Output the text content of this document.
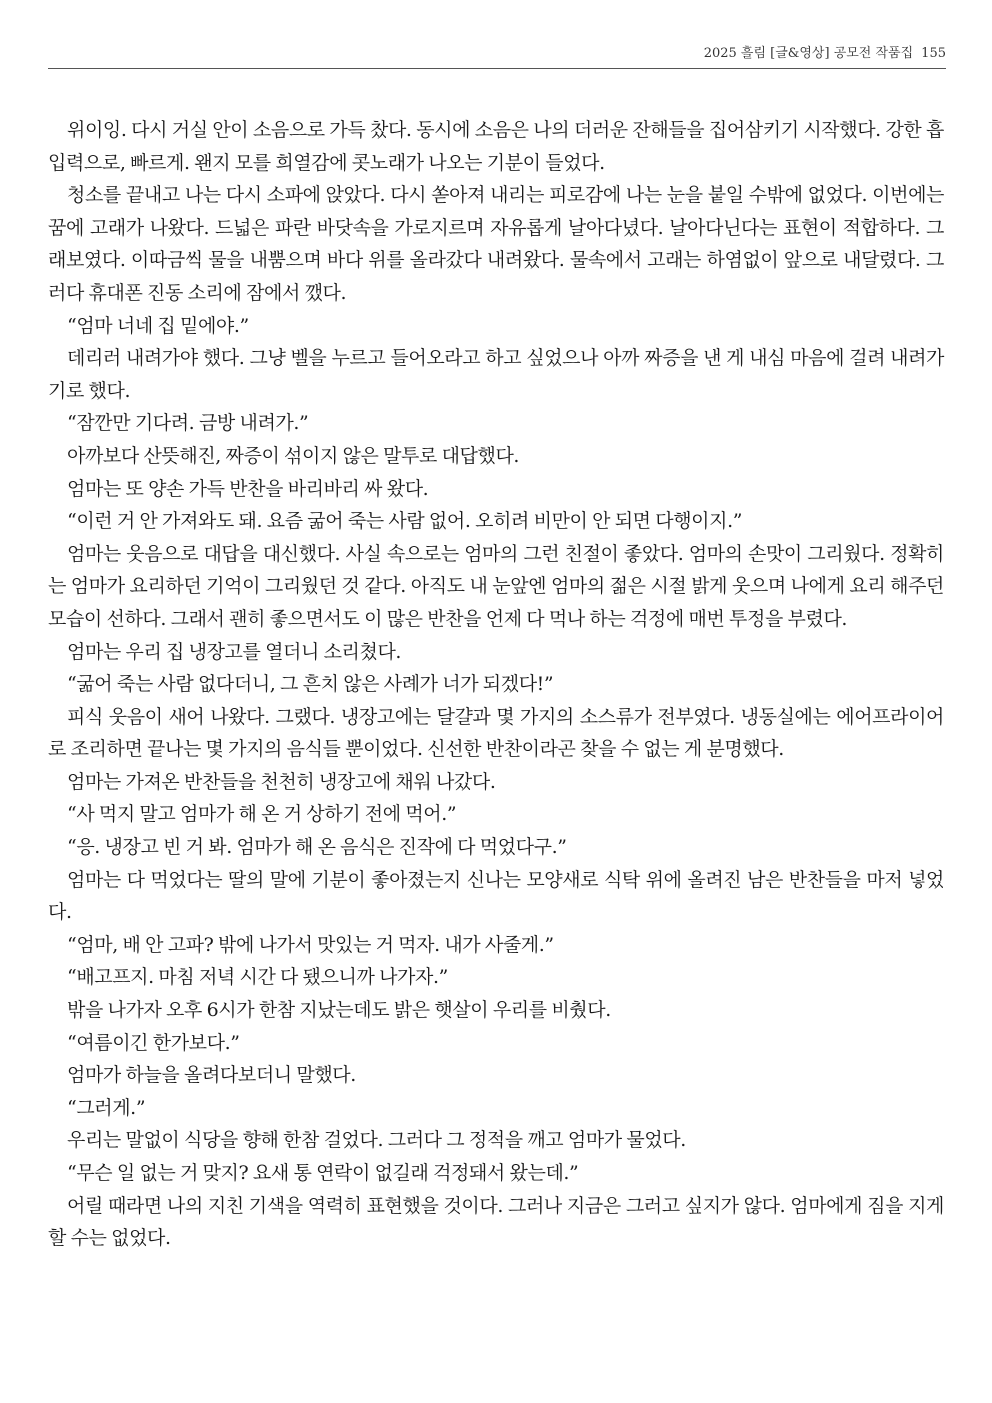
2025 흘림 [글&영상] 공모전 작품집 155

위이잉. 다시 거실 안이 소음으로 가득 찼다. 동시에 소음은 나의 더러운 잔해들을 집어삼키기 시작했다. 강한 흡입력으로, 빠르게. 왠지 모를 희열감에 콧노래가 나오는 기분이 들었다.

청소를 끝내고 나는 다시 소파에 앉았다. 다시 쏟아져 내리는 피로감에 나는 눈을 붙일 수밖에 없었다. 이번에는 꿈에 고래가 나왔다. 드넓은 파란 바닷속을 가로지르며 자유롭게 날아다녔다. 날아다닌다는 표현이 적합하다. 그래보였다. 이따금씩 물을 내뿜으며 바다 위를 올라갔다 내려왔다. 물속에서 고래는 하염없이 앞으로 내달렸다. 그러다 휴대폰 진동 소리에 잠에서 깼다.

“엄마 너네 집 밑에야.”

데리러 내려가야 했다. 그냥 벨을 누르고 들어오라고 하고 싶었으나 아까 짜증을 낸 게 내심 마음에 걸려 내려가기로 했다.

“잠깐만 기다려. 금방 내려가.”

아까보다 산뜻해진, 짜증이 섞이지 않은 말투로 대답했다.

엄마는 또 양손 가득 반찬을 바리바리 싸 왔다.

“이런 거 안 가져와도 돼. 요즘 굶어 죽는 사람 없어. 오히려 비만이 안 되면 다행이지.”

엄마는 웃음으로 대답을 대신했다. 사실 속으로는 엄마의 그런 친절이 좋았다. 엄마의 손맛이 그리웠다. 정확히는 엄마가 요리하던 기억이 그리웠던 것 같다. 아직도 내 눈앞엔 엄마의 젊은 시절 밝게 웃으며 나에게 요리 해주던 모습이 선하다. 그래서 괜히 좋으면서도 이 많은 반찬을 언제 다 먹나 하는 걱정에 매번 투정을 부렸다.

엄마는 우리 집 냉장고를 열더니 소리쳤다.

“굶어 죽는 사람 없다더니, 그 흔치 않은 사례가 너가 되겠다!”

피식 웃음이 새어 나왔다. 그랬다. 냉장고에는 달걀과 몇 가지의 소스류가 전부였다. 냉동실에는 에어프라이어로 조리하면 끝나는 몇 가지의 음식들 뿐이었다. 신선한 반찬이라곤 찾을 수 없는 게 분명했다.

엄마는 가져온 반찬들을 천천히 냉장고에 채워 나갔다.

“사 먹지 말고 엄마가 해 온 거 상하기 전에 먹어.”

“응. 냉장고 빈 거 봐. 엄마가 해 온 음식은 진작에 다 먹었다구.”

엄마는 다 먹었다는 딸의 말에 기분이 좋아졌는지 신나는 모양새로 식탁 위에 올려진 남은 반찬들을 마저 넣었다.

“엄마, 배 안 고파? 밖에 나가서 맛있는 거 먹자. 내가 사줄게.”

“배고프지. 마침 저녁 시간 다 됐으니까 나가자.”

밖을 나가자 오후 6시가 한참 지났는데도 밝은 햇살이 우리를 비췄다.

“여름이긴 한가보다.”

엄마가 하늘을 올려다보더니 말했다.

“그러게.”

우리는 말없이 식당을 향해 한참 걸었다. 그러다 그 정적을 깨고 엄마가 물었다.

“무슨 일 없는 거 맞지? 요새 통 연락이 없길래 걱정돼서 왔는데.”

어릴 때라면 나의 지친 기색을 역력히 표현했을 것이다. 그러나 지금은 그러고 싶지가 않다. 엄마에게 짐을 지게 할 수는 없었다.
